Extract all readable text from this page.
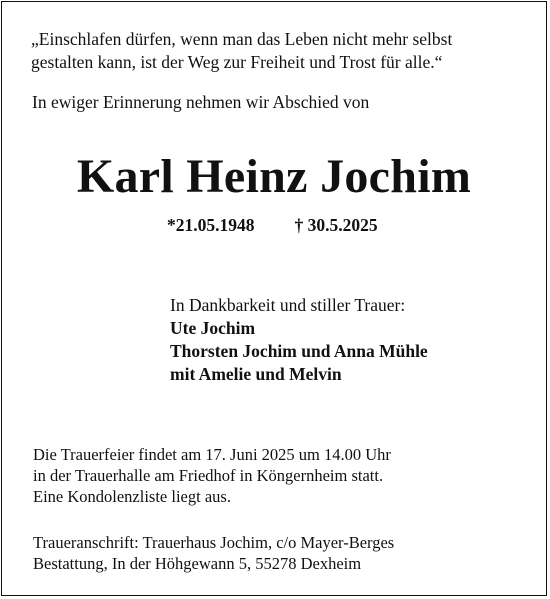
„Einschlafen dürfen, wenn man das Leben nicht mehr selbst
gestalten kann, ist der Weg zur Freiheit und Trost für alle.“
In ewiger Erinnerung nehmen wir Abschied von
Karl Heinz Jochim
*21.05.1948 † 30.5.2025
In Dankbarkeit und stiller Trauer:
Ute Jochim
Thorsten Jochim und Anna Mühle
mit Amelie und Melvin
Die Trauerfeier findet am 17. Juni 2025 um 14.00 Uhr
in der Trauerhalle am Friedhof in Köngernheim statt.
Eine Kondolenzliste liegt aus.
Traueranschrift: Trauerhaus Jochim, c/o Mayer-Berges
Bestattung, In der Höhgewann 5, 55278 Dexheim
